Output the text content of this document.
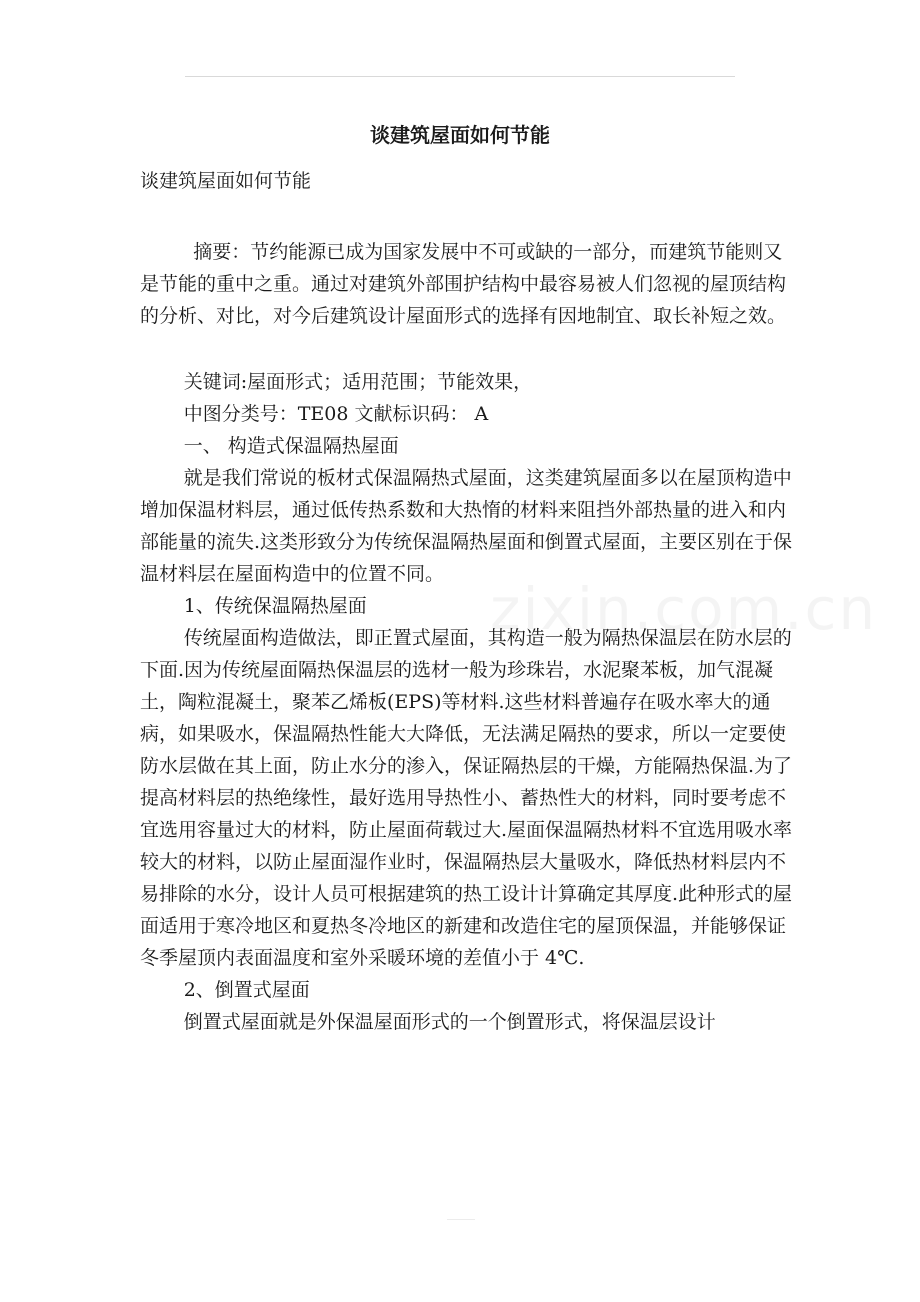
谈建筑屋面如何节能

谈建筑屋面如何节能

摘要：节约能源已成为国家发展中不可或缺的一部分，而建筑节能则又是节能的重中之重。通过对建筑外部围护结构中最容易被人们忽视的屋顶结构的分析、对比，对今后建筑设计屋面形式的选择有因地制宜、取长补短之效。

关键词:屋面形式；适用范围；节能效果，

中图分类号：TE08 文献标识码： A

一、 构造式保温隔热屋面

就是我们常说的板材式保温隔热式屋面，这类建筑屋面多以在屋顶构造中增加保温材料层，通过低传热系数和大热惰的材料来阻挡外部热量的进入和内部能量的流失.这类形致分为传统保温隔热屋面和倒置式屋面，主要区别在于保温材料层在屋面构造中的位置不同。

1、传统保温隔热屋面

传统屋面构造做法，即正置式屋面，其构造一般为隔热保温层在防水层的下面.因为传统屋面隔热保温层的选材一般为珍珠岩，水泥聚苯板，加气混凝土，陶粒混凝土，聚苯乙烯板(EPS)等材料.这些材料普遍存在吸水率大的通病，如果吸水，保温隔热性能大大降低，无法满足隔热的要求，所以一定要使防水层做在其上面，防止水分的渗入，保证隔热层的干燥，方能隔热保温.为了提高材料层的热绝缘性，最好选用导热性小、蓄热性大的材料，同时要考虑不宜选用容量过大的材料，防止屋面荷载过大.屋面保温隔热材料不宜选用吸水率较大的材料，以防止屋面湿作业时，保温隔热层大量吸水，降低热材料层内不易排除的水分，设计人员可根据建筑的热工设计计算确定其厚度.此种形式的屋面适用于寒冷地区和夏热冬冷地区的新建和改造住宅的屋顶保温，并能够保证冬季屋顶内表面温度和室外采暖环境的差值小于 4℃.

2、倒置式屋面

倒置式屋面就是外保温屋面形式的一个倒置形式，将保温层设计
